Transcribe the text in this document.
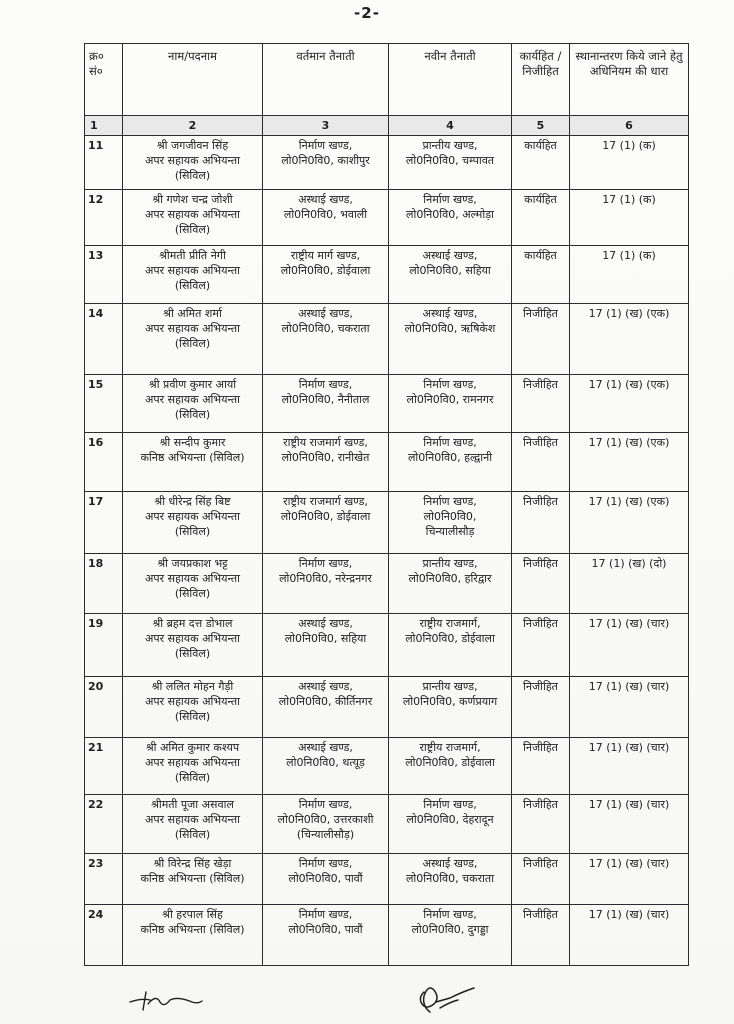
-2-
क्र० सं०	नाम/पदनाम	वर्तमान तैनाती	नवीन तैनाती	कार्यहित / निजीहित	स्थानान्तरण किये जाने हेतु अधिनियम की धारा
1	2	3	4	5	6
11	श्री जगजीवन सिंह
अपर सहायक अभियन्ता
(सिविल)	निर्माण खण्ड,
लो0नि0वि0, काशीपुर	प्रान्तीय खण्ड,
लो0नि0वि0, चम्पावत	कार्यहित	17 (1) (क)
12	श्री गणेश चन्द्र जोशी
अपर सहायक अभियन्ता
(सिविल)	अस्थाई खण्ड,
लो0नि0वि0, भवाली	निर्माण खण्ड,
लो0नि0वि0, अल्मोड़ा	कार्यहित	17 (1) (क)
13	श्रीमती प्रीति नेगी
अपर सहायक अभियन्ता
(सिविल)	राष्ट्रीय मार्ग खण्ड,
लो0नि0वि0, डोईवाला	अस्थाई खण्ड,
लो0नि0वि0, सहिया	कार्यहित	17 (1) (क)
14	श्री अमित शर्मा
अपर सहायक अभियन्ता
(सिविल)	अस्थाई खण्ड,
लो0नि0वि0, चकराता	अस्थाई खण्ड,
लो0नि0वि0, ऋषिकेश	निजीहित	17 (1) (ख) (एक)
15	श्री प्रवीण कुमार आर्या
अपर सहायक अभियन्ता
(सिविल)	निर्माण खण्ड,
लो0नि0वि0, नैनीताल	निर्माण खण्ड,
लो0नि0वि0, रामनगर	निजीहित	17 (1) (ख) (एक)
16	श्री सन्दीप कुमार
कनिष्ठ अभियन्ता (सिविल)	राष्ट्रीय राजमार्ग खण्ड,
लो0नि0वि0, रानीखेत	निर्माण खण्ड,
लो0नि0वि0, हल्द्वानी	निजीहित	17 (1) (ख) (एक)
17	श्री धीरेन्द्र सिंह बिष्ट
अपर सहायक अभियन्ता
(सिविल)	राष्ट्रीय राजमार्ग खण्ड,
लो0नि0वि0, डोईवाला	निर्माण खण्ड,
लो0नि0वि0,
चिन्यालीसौड़	निजीहित	17 (1) (ख) (एक)
18	श्री जयप्रकाश भट्ट
अपर सहायक अभियन्ता
(सिविल)	निर्माण खण्ड,
लो0नि0वि0, नरेन्द्रनगर	प्रान्तीय खण्ड,
लो0नि0वि0, हरिद्वार	निजीहित	17 (1) (ख) (दो)
19	श्री ब्रहम दत्त डोभाल
अपर सहायक अभियन्ता
(सिविल)	अस्थाई खण्ड,
लो0नि0वि0, सहिया	राष्ट्रीय राजमार्ग,
लो0नि0वि0, डोईवाला	निजीहित	17 (1) (ख) (चार)
20	श्री ललित मोहन गैड़ी
अपर सहायक अभियन्ता
(सिविल)	अस्थाई खण्ड,
लो0नि0वि0, कीर्तिनगर	प्रान्तीय खण्ड,
लो0नि0वि0, कर्णप्रयाग	निजीहित	17 (1) (ख) (चार)
21	श्री अमित कुमार कश्यप
अपर सहायक अभियन्ता
(सिविल)	अस्थाई खण्ड,
लो0नि0वि0, थत्यूड़	राष्ट्रीय राजमार्ग,
लो0नि0वि0, डोईवाला	निजीहित	17 (1) (ख) (चार)
22	श्रीमती पूजा असवाल
अपर सहायक अभियन्ता
(सिविल)	निर्माण खण्ड,
लो0नि0वि0, उत्तरकाशी
(चिन्यालीसौड़)	निर्माण खण्ड,
लो0नि0वि0, देहरादून	निजीहित	17 (1) (ख) (चार)
23	श्री विरेन्द्र सिंह खेड़ा
कनिष्ठ अभियन्ता (सिविल)	निर्माण खण्ड,
लो0नि0वि0, पावौं	अस्थाई खण्ड,
लो0नि0वि0, चकराता	निजीहित	17 (1) (ख) (चार)
24	श्री हरपाल सिंह
कनिष्ठ अभियन्ता (सिविल)	निर्माण खण्ड,
लो0नि0वि0, पावौं	निर्माण खण्ड,
लो0नि0वि0, दुगड्डा	निजीहित	17 (1) (ख) (चार)
